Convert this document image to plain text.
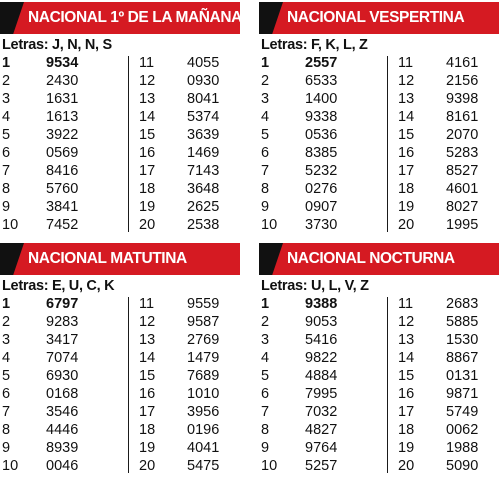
NACIONAL 1º DE LA MAÑANA
Letras: J, N, N, S
1	9534
2	2430
3	1631
4	1613
5	3922
6	0569
7	8416
8	5760
9	3841
10	7452
11	4055
12	0930
13	8041
14	5374
15	3639
16	1469
17	7143
18	3648
19	2625
20	2538
NACIONAL VESPERTINA
Letras: F, K, L, Z
1	2557
2	6533
3	1400
4	9338
5	0536
6	8385
7	5232
8	0276
9	0907
10	3730
11	4161
12	2156
13	9398
14	8161
15	2070
16	5283
17	8527
18	4601
19	8027
20	1995
NACIONAL MATUTINA
Letras: E, U, C, K
1	6797
2	9283
3	3417
4	7074
5	6930
6	0168
7	3546
8	4446
9	8939
10	0046
11	9559
12	9587
13	2769
14	1479
15	7689
16	1010
17	3956
18	0196
19	4041
20	5475
NACIONAL NOCTURNA
Letras: U, L, V, Z
1	9388
2	9053
3	5416
4	9822
5	4884
6	7995
7	7032
8	4827
9	9764
10	5257
11	2683
12	5885
13	1530
14	8867
15	0131
16	9871
17	5749
18	0062
19	1988
20	5090
